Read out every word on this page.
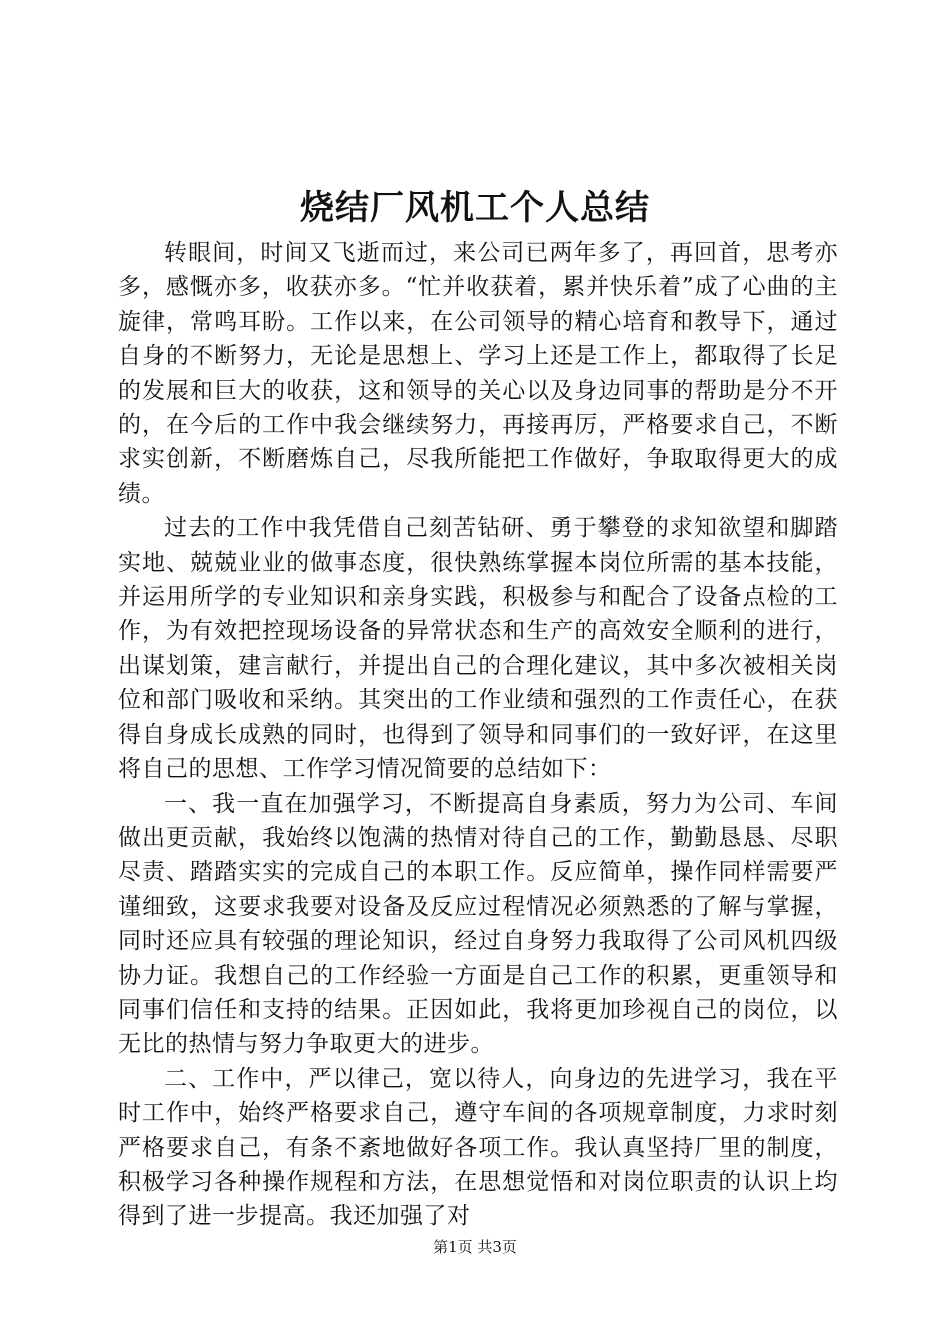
烧结厂风机工个人总结

转眼间，时间又飞逝而过，来公司已两年多了，再回首，思考亦多，感慨亦多，收获亦多。“忙并收获着，累并快乐着”成了心曲的主旋律，常鸣耳盼。工作以来，在公司领导的精心培育和教导下，通过自身的不断努力，无论是思想上、学习上还是工作上，都取得了长足的发展和巨大的收获，这和领导的关心以及身边同事的帮助是分不开的，在今后的工作中我会继续努力，再接再厉，严格要求自己，不断求实创新，不断磨炼自己，尽我所能把工作做好，争取取得更大的成绩。

过去的工作中我凭借自己刻苦钻研、勇于攀登的求知欲望和脚踏实地、兢兢业业的做事态度，很快熟练掌握本岗位所需的基本技能，并运用所学的专业知识和亲身实践，积极参与和配合了设备点检的工作，为有效把控现场设备的异常状态和生产的高效安全顺利的进行，出谋划策，建言献行，并提出自己的合理化建议，其中多次被相关岗位和部门吸收和采纳。其突出的工作业绩和强烈的工作责任心，在获得自身成长成熟的同时，也得到了领导和同事们的一致好评，在这里将自己的思想、工作学习情况简要的总结如下：

一、我一直在加强学习，不断提高自身素质，努力为公司、车间做出更贡献，我始终以饱满的热情对待自己的工作，勤勤恳恳、尽职尽责、踏踏实实的完成自己的本职工作。反应简单，操作同样需要严谨细致，这要求我要对设备及反应过程情况必须熟悉的了解与掌握，同时还应具有较强的理论知识，经过自身努力我取得了公司风机四级协力证。我想自己的工作经验一方面是自己工作的积累，更重领导和同事们信任和支持的结果。正因如此，我将更加珍视自己的岗位，以无比的热情与努力争取更大的进步。

二、工作中，严以律己，宽以待人，向身边的先进学习，我在平时工作中，始终严格要求自己，遵守车间的各项规章制度，力求时刻严格要求自己，有条不紊地做好各项工作。我认真坚持厂里的制度，积极学习各种操作规程和方法，在思想觉悟和对岗位职责的认识上均得到了进一步提高。我还加强了对

第1页 共3页
